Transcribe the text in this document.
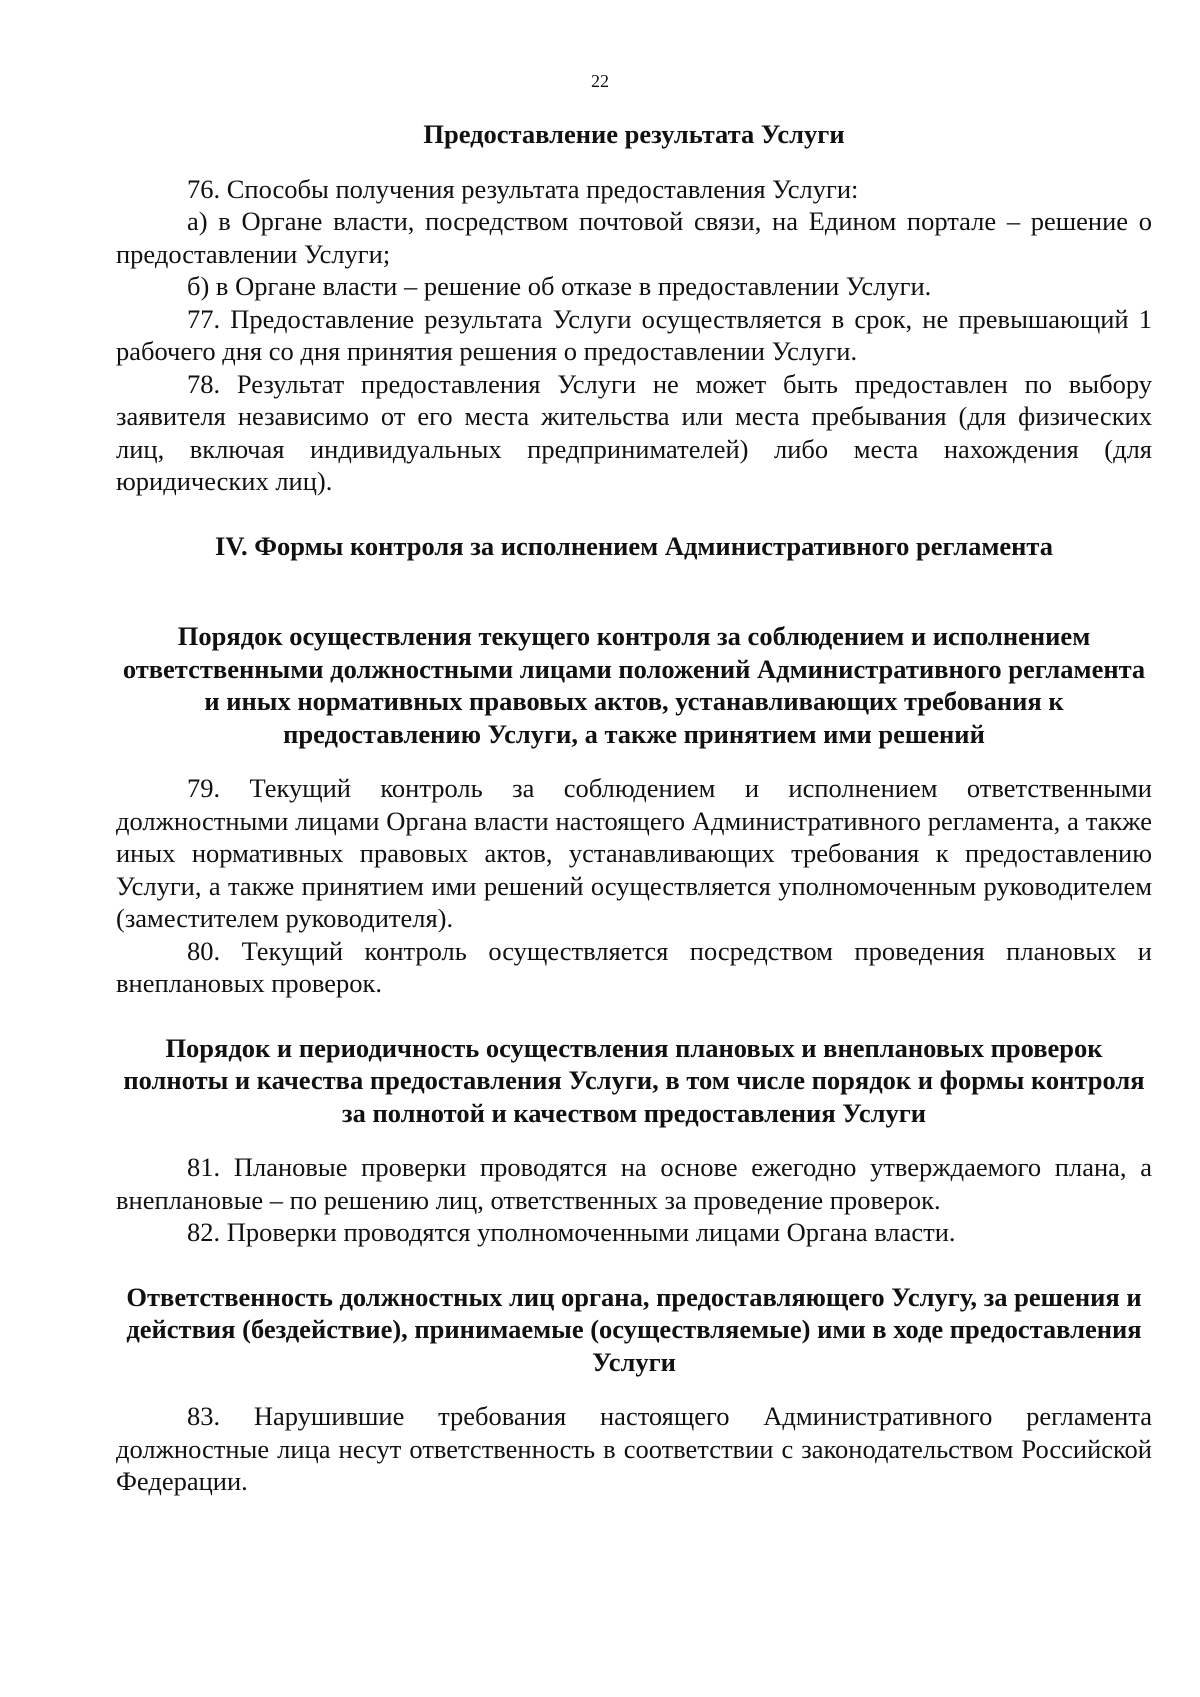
22

Предоставление результата Услуги

76. Способы получения результата предоставления Услуги:

а) в Органе власти, посредством почтовой связи, на Едином портале – решение о предоставлении Услуги;

б) в Органе власти – решение об отказе в предоставлении Услуги.

77. Предоставление результата Услуги осуществляется в срок, не превышающий 1 рабочего дня со дня принятия решения о предоставлении Услуги.

78. Результат предоставления Услуги не может быть предоставлен по выбору заявителя независимо от его места жительства или места пребывания (для физических лиц, включая индивидуальных предпринимателей) либо места нахождения (для юридических лиц).

IV. Формы контроля за исполнением Административного регламента

Порядок осуществления текущего контроля за соблюдением и исполнением ответственными должностными лицами положений Административного регламента и иных нормативных правовых актов, устанавливающих требования к предоставлению Услуги, а также принятием ими решений

79. Текущий контроль за соблюдением и исполнением ответственными должностными лицами Органа власти настоящего Административного регламента, а также иных нормативных правовых актов, устанавливающих требования к предоставлению Услуги, а также принятием ими решений осуществляется уполномоченным руководителем (заместителем руководителя).

80. Текущий контроль осуществляется посредством проведения плановых и внеплановых проверок.

Порядок и периодичность осуществления плановых и внеплановых проверок полноты и качества предоставления Услуги, в том числе порядок и формы контроля за полнотой и качеством предоставления Услуги

81. Плановые проверки проводятся на основе ежегодно утверждаемого плана, а внеплановые – по решению лиц, ответственных за проведение проверок.

82. Проверки проводятся уполномоченными лицами Органа власти.

Ответственность должностных лиц органа, предоставляющего Услугу, за решения и действия (бездействие), принимаемые (осуществляемые) ими в ходе предоставления Услуги

83. Нарушившие требования настоящего Административного регламента должностные лица несут ответственность в соответствии с законодательством Российской Федерации.
